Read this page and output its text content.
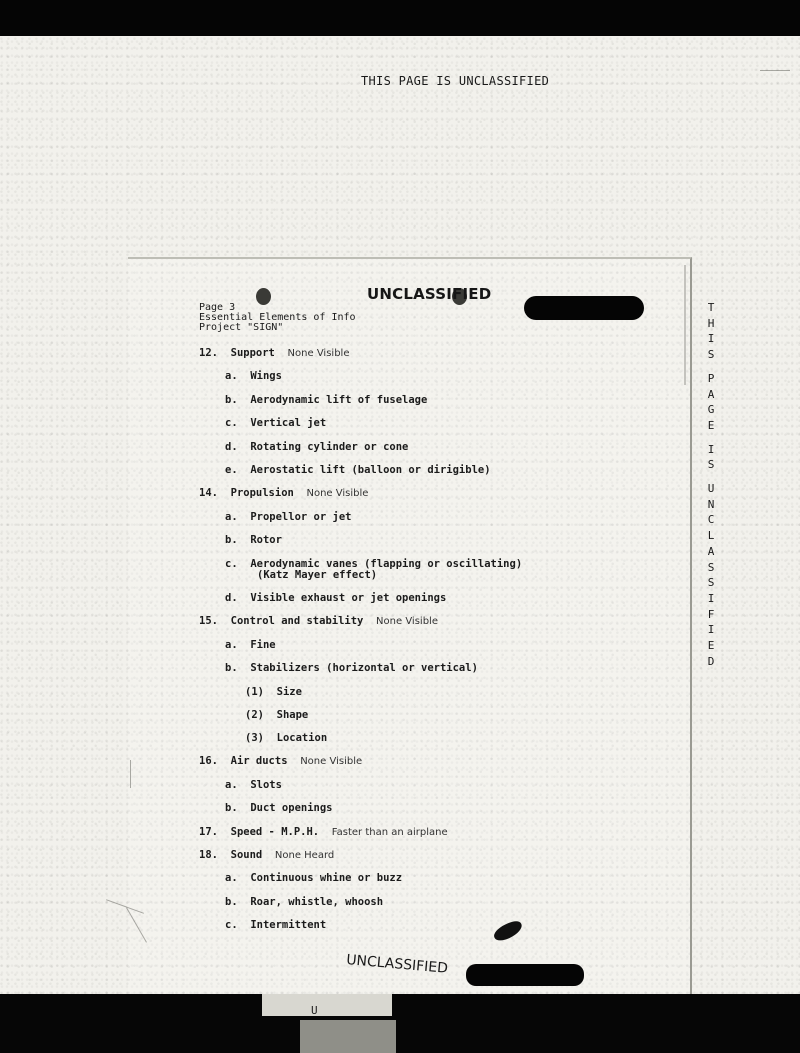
THIS PAGE IS UNCLASSIFIED
UNCLASSIFIED
Page 3
Essential Elements of Info
Project "SIGN"
12. Support None Visible
a. Wings
b. Aerodynamic lift of fuselage
c. Vertical jet
d. Rotating cylinder or cone
e. Aerostatic lift (balloon or dirigible)
14. Propulsion None Visible
a. Propellor or jet
b. Rotor
c. Aerodynamic vanes (flapping or oscillating)
(Katz Mayer effect)
d. Visible exhaust or jet openings
15. Control and stability None Visible
a. Fine
b. Stabilizers (horizontal or vertical)
(1) Size
(2) Shape
(3) Location
16. Air ducts None Visible
a. Slots
b. Duct openings
17. Speed - M.P.H. Faster than an airplane
18. Sound None Heard
a. Continuous whine or buzz
b. Roar, whistle, whoosh
c. Intermittent
T
H
I
S
P
A
G
E
I
S
U
N
C
L
A
S
S
I
F
I
E
D
UNCLASSIFIED
U
